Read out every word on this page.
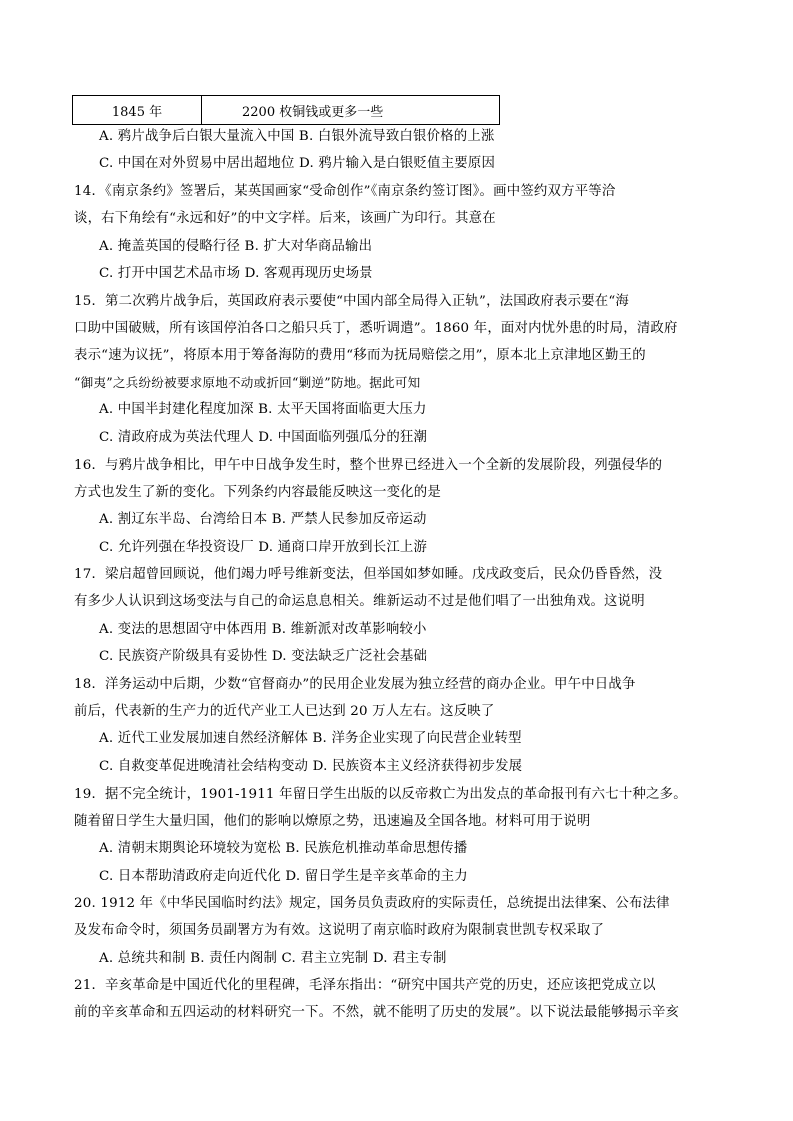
1845 年	2200 枚铜钱或更多一些
A. 鸦片战争后白银大量流入中国 B. 白银外流导致白银价格的上涨
C. 中国在对外贸易中居出超地位 D. 鸦片输入是白银贬值主要原因
14．《南京条约》签署后，某英国画家“受命创作”《南京条约签订图》。画中签约双方平等洽
谈，右下角绘有“永远和好”的中文字样。后来，该画广为印行。其意在
A. 掩盖英国的侵略行径 B. 扩大对华商品输出
C. 打开中国艺术品市场 D. 客观再现历史场景
15．第二次鸦片战争后，英国政府表示要使“中国内部全局得入正轨”，法国政府表示要在“海
口助中国破贼，所有该国停泊各口之船只兵丁，悉听调遣”。1860 年，面对内忧外患的时局，清政府
表示“速为议抚”，将原本用于筹备海防的费用“移而为抚局赔偿之用”，原本北上京津地区勤王的
“御夷”之兵纷纷被要求原地不动或折回“剿逆”防地。据此可知
A. 中国半封建化程度加深 B. 太平天国将面临更大压力
C. 清政府成为英法代理人 D. 中国面临列强瓜分的狂潮
16．与鸦片战争相比，甲午中日战争发生时，整个世界已经进入一个全新的发展阶段，列强侵华的
方式也发生了新的变化。下列条约内容最能反映这一变化的是
A. 割辽东半岛、台湾给日本 B. 严禁人民参加反帝运动
C. 允许列强在华投资设厂 D. 通商口岸开放到长江上游
17．梁启超曾回顾说，他们竭力呼号维新变法，但举国如梦如睡。戊戌政变后，民众仍昏昏然，没
有多少人认识到这场变法与自己的命运息息相关。维新运动不过是他们唱了一出独角戏。这说明
A. 变法的思想固守中体西用 B. 维新派对改革影响较小
C. 民族资产阶级具有妥协性 D. 变法缺乏广泛社会基础
18．洋务运动中后期，少数“官督商办”的民用企业发展为独立经营的商办企业。甲午中日战争
前后，代表新的生产力的近代产业工人已达到 20 万人左右。这反映了
A. 近代工业发展加速自然经济解体 B. 洋务企业实现了向民营企业转型
C. 自救变革促进晚清社会结构变动 D. 民族资本主义经济获得初步发展
19．据不完全统计，1901-1911 年留日学生出版的以反帝救亡为出发点的革命报刊有六七十种之多。
随着留日学生大量归国，他们的影响以燎原之势，迅速遍及全国各地。材料可用于说明
A. 清朝末期舆论环境较为宽松 B. 民族危机推动革命思想传播
C. 日本帮助清政府走向近代化 D. 留日学生是辛亥革命的主力
20. 1912 年《中华民国临时约法》规定，国务员负责政府的实际责任，总统提出法律案、公布法律
及发布命令时，须国务员副署方为有效。这说明了南京临时政府为限制袁世凯专权采取了
A. 总统共和制 B. 责任内阁制 C. 君主立宪制 D. 君主专制
21．辛亥革命是中国近代化的里程碑，毛泽东指出：“研究中国共产党的历史，还应该把党成立以
前的辛亥革命和五四运动的材料研究一下。不然，就不能明了历史的发展”。以下说法最能够揭示辛亥
